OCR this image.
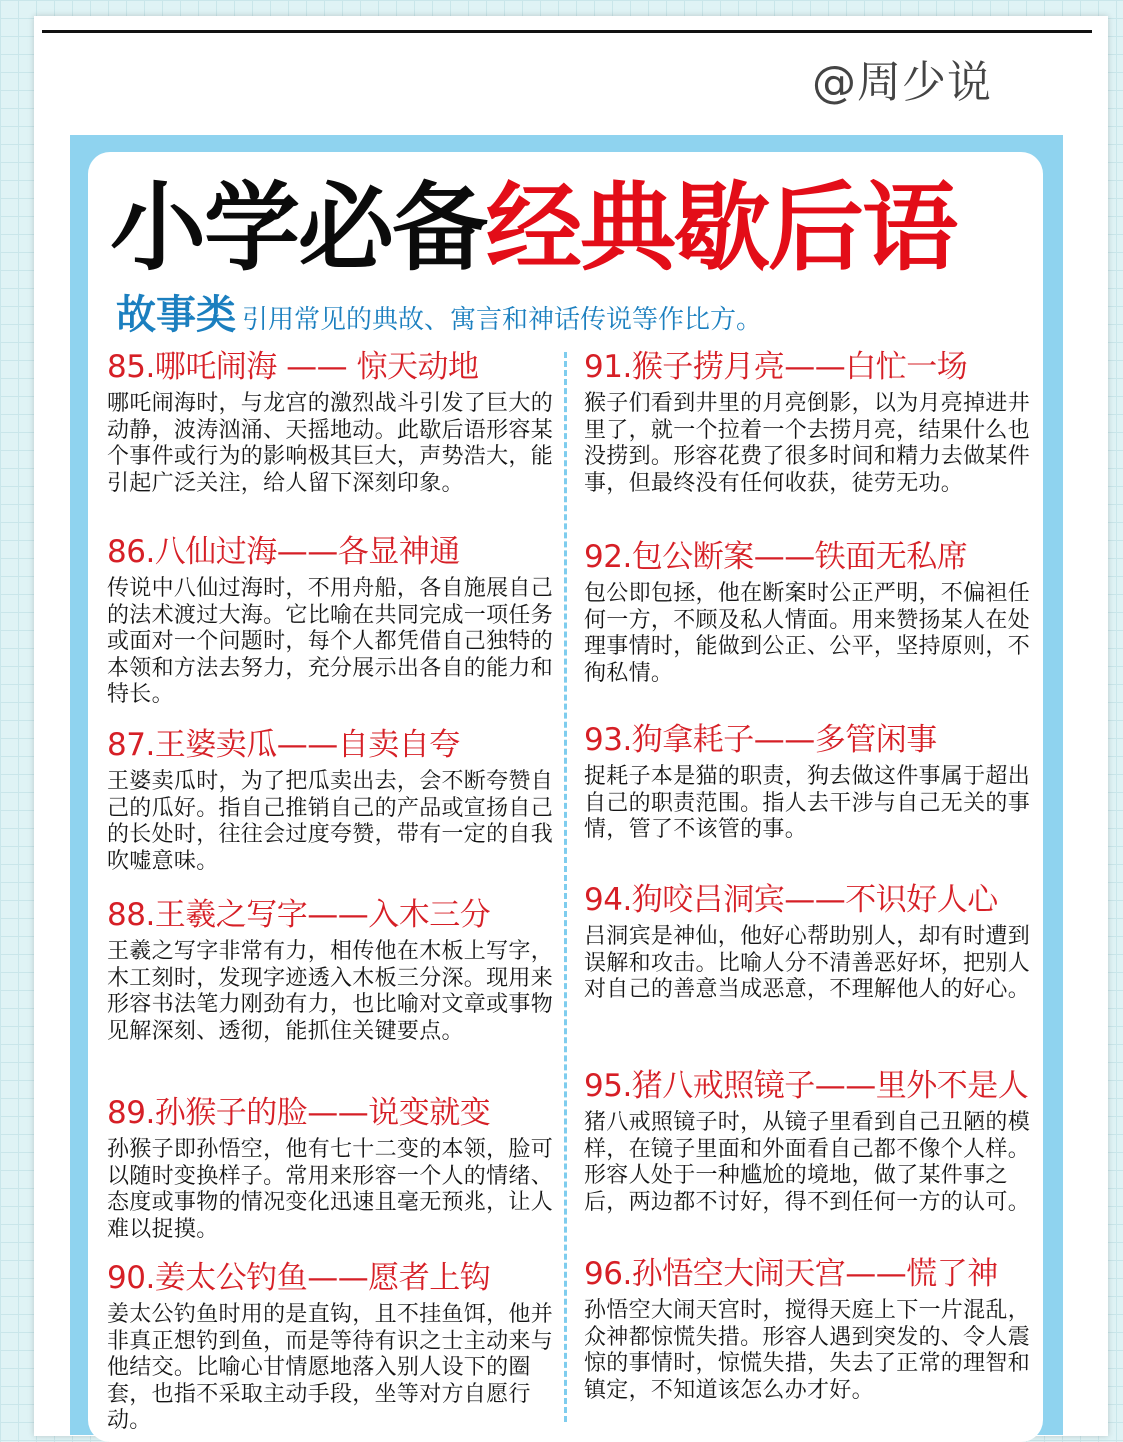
@周少说
小学必备经典歇后语
故事类 引用常见的典故、寓言和神话传说等作比方。
85.哪吒闹海 —— 惊天动地
哪吒闹海时，与龙宫的激烈战斗引发了巨大的动静，波涛汹涌、天摇地动。此歇后语形容某个事件或行为的影响极其巨大，声势浩大，能引起广泛关注，给人留下深刻印象。
86.八仙过海——各显神通
传说中八仙过海时，不用舟船，各自施展自己的法术渡过大海。它比喻在共同完成一项任务或面对一个问题时，每个人都凭借自己独特的本领和方法去努力，充分展示出各自的能力和特长。
87.王婆卖瓜——自卖自夸
王婆卖瓜时，为了把瓜卖出去，会不断夸赞自己的瓜好。指自己推销自己的产品或宣扬自己的长处时，往往会过度夸赞，带有一定的自我吹嘘意味。
88.王羲之写字——入木三分
王羲之写字非常有力，相传他在木板上写字，木工刻时，发现字迹透入木板三分深。现用来形容书法笔力刚劲有力，也比喻对文章或事物见解深刻、透彻，能抓住关键要点。
89.孙猴子的脸——说变就变
孙猴子即孙悟空，他有七十二变的本领，脸可以随时变换样子。常用来形容一个人的情绪、态度或事物的情况变化迅速且毫无预兆，让人难以捉摸。
90.姜太公钓鱼——愿者上钩
姜太公钓鱼时用的是直钩，且不挂鱼饵，他并非真正想钓到鱼，而是等待有识之士主动来与他结交。比喻心甘情愿地落入别人设下的圈套，也指不采取主动手段，坐等对方自愿行动。
91.猴子捞月亮——白忙一场
猴子们看到井里的月亮倒影，以为月亮掉进井里了，就一个拉着一个去捞月亮，结果什么也没捞到。形容花费了很多时间和精力去做某件事，但最终没有任何收获，徒劳无功。
92.包公断案——铁面无私席
包公即包拯，他在断案时公正严明，不偏袒任何一方，不顾及私人情面。用来赞扬某人在处理事情时，能做到公正、公平，坚持原则，不徇私情。
93.狗拿耗子——多管闲事
捉耗子本是猫的职责，狗去做这件事属于超出自己的职责范围。指人去干涉与自己无关的事情，管了不该管的事。
94.狗咬吕洞宾——不识好人心
吕洞宾是神仙，他好心帮助别人，却有时遭到误解和攻击。比喻人分不清善恶好坏，把别人对自己的善意当成恶意，不理解他人的好心。
95.猪八戒照镜子——里外不是人
猪八戒照镜子时，从镜子里看到自己丑陋的模样，在镜子里面和外面看自己都不像个人样。形容人处于一种尴尬的境地，做了某件事之后，两边都不讨好，得不到任何一方的认可。
96.孙悟空大闹天宫——慌了神
孙悟空大闹天宫时，搅得天庭上下一片混乱，众神都惊慌失措。形容人遇到突发的、令人震惊的事情时，惊慌失措，失去了正常的理智和镇定，不知道该怎么办才好。
